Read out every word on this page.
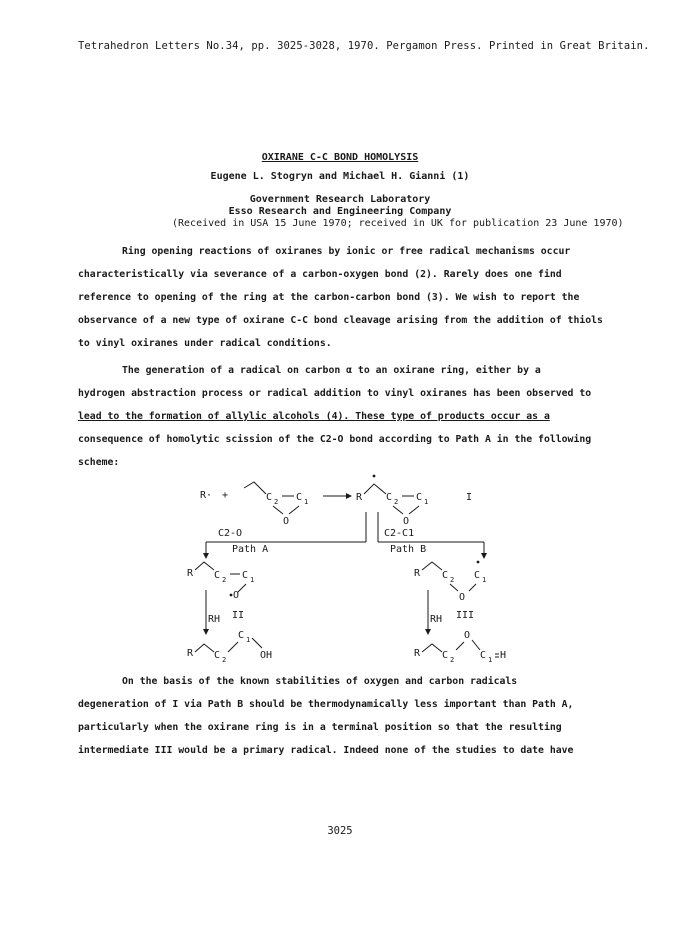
Tetrahedron Letters No.34, pp. 3025-3028, 1970. Pergamon Press. Printed in Great Britain.
OXIRANE C-C BOND HOMOLYSIS
Eugene L. Stogryn and Michael H. Gianni (1)
Government Research Laboratory
Esso Research and Engineering Company
(Received in USA 15 June 1970; received in UK for publication 23 June 1970)

Ring opening reactions of oxiranes by ionic or free radical mechanisms occur

characteristically via severance of a carbon-oxygen bond (2). Rarely does one find

reference to opening of the ring at the carbon-carbon bond (3). We wish to report the

observance of a new type of oxirane C-C bond cleavage arising from the addition of thiols

to vinyl oxiranes under radical conditions.

The generation of a radical on carbon α to an oxirane ring, either by a

hydrogen abstraction process or radical addition to vinyl oxiranes has been observed to

lead to the formation of allylic alcohols (4). These type of products occur as a

consequence of homolytic scission of the C2-O bond according to Path A in the following

scheme:

R· +	C 2 C 1
O
R C 2 C 1
O
I
C2-O
Path A
C2-C1
Path B
R C 2 C 1
O
II
R C 2 C 1
O
III
RH	RH
R C 2
C 1
OH	R C 2
O
C 1 H

On the basis of the known stabilities of oxygen and carbon radicals

degeneration of I via Path B should be thermodynamically less important than Path A,

particularly when the oxirane ring is in a terminal position so that the resulting

intermediate III would be a primary radical. Indeed none of the studies to date have

3025
